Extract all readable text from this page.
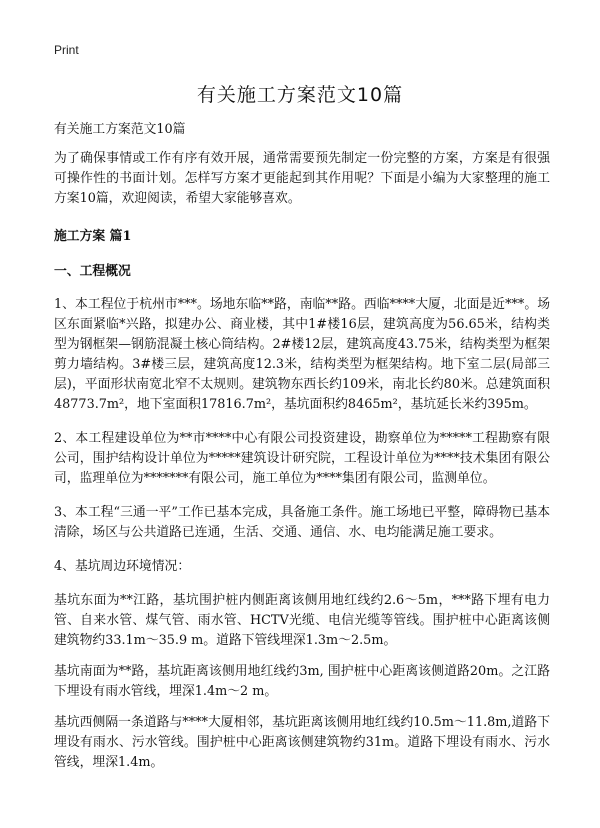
Print
有关施工方案范文10篇

有关施工方案范文10篇

为了确保事情或工作有序有效开展，通常需要预先制定一份完整的方案，方案是有很强可操作性的书面计划。怎样写方案才更能起到其作用呢？下面是小编为大家整理的施工方案10篇，欢迎阅读，希望大家能够喜欢。

施工方案 篇1

一、工程概况

1、本工程位于杭州市***。场地东临**路，南临**路。西临****大厦，北面是近***。场区东面紧临*兴路，拟建办公、商业楼，其中1#楼16层，建筑高度为56.65米，结构类型为钢框架—钢筋混凝土核心筒结构。2#楼12层，建筑高度43.75米，结构类型为框架剪力墙结构。3#楼三层，建筑高度12.3米，结构类型为框架结构。地下室二层(局部三层)，平面形状南宽北窄不太规则。建筑物东西长约109米，南北长约80米。总建筑面积48773.7m²，地下室面积17816.7m²，基坑面积约8465m²，基坑延长米约395m。

2、本工程建设单位为**市****中心有限公司投资建设，勘察单位为*****工程勘察有限公司，围护结构设计单位为*****建筑设计研究院，工程设计单位为****技术集团有限公司，监理单位为*******有限公司，施工单位为****集团有限公司，监测单位。

3、本工程“三通一平”工作已基本完成，具备施工条件。施工场地已平整，障碍物已基本清除，场区与公共道路已连通，生活、交通、通信、水、电均能满足施工要求。

4、基坑周边环境情况：

基坑东面为**江路，基坑围护桩内侧距离该侧用地红线约2.6～5m，***路下埋有电力管、自来水管、煤气管、雨水管、HCTV光缆、电信光缆等管线。围护桩中心距离该侧建筑物约33.1m～35.9 m。道路下管线埋深1.3m～2.5m。

基坑南面为**路，基坑距离该侧用地红线约3m, 围护桩中心距离该侧道路20m。之江路下埋设有雨水管线，埋深1.4m～2 m。

基坑西侧隔一条道路与****大厦相邻，基坑距离该侧用地红线约10.5m～11.8m,道路下埋设有雨水、污水管线。围护桩中心距离该侧建筑物约31m。道路下埋设有雨水、污水管线，埋深1.4m。
